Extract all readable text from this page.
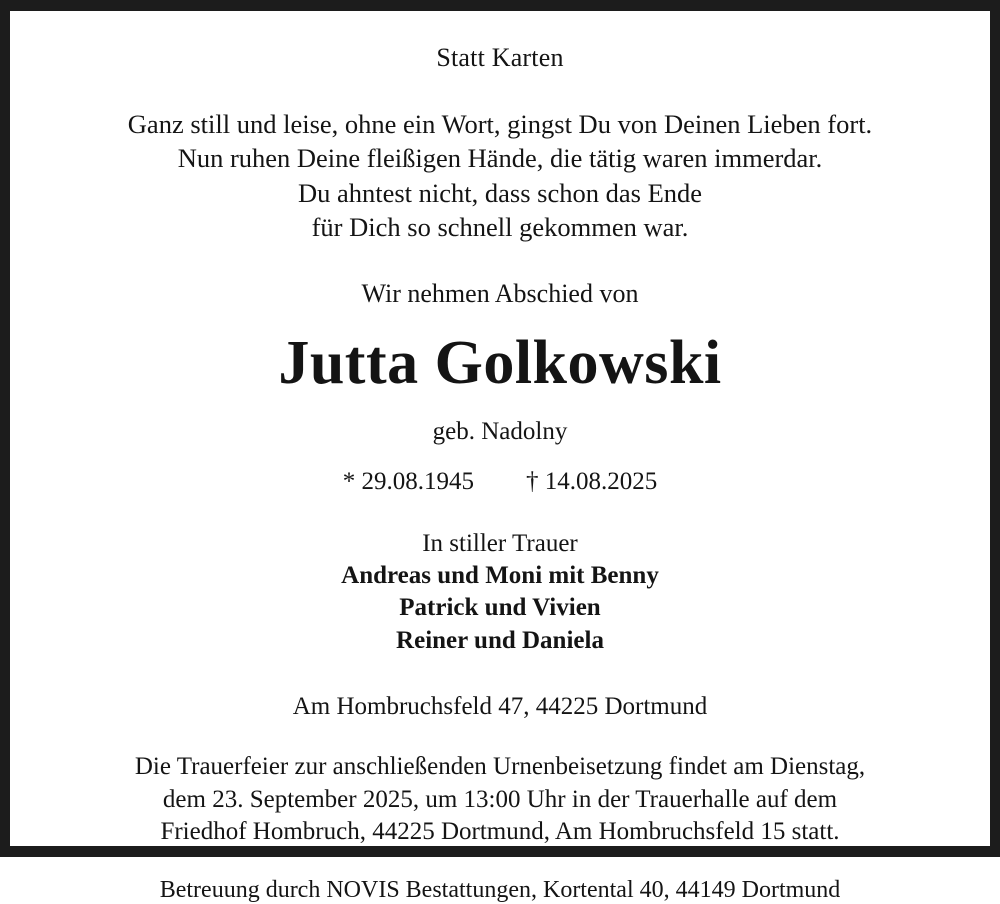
Statt Karten
Ganz still und leise, ohne ein Wort, gingst Du von Deinen Lieben fort.
Nun ruhen Deine fleißigen Hände, die tätig waren immerdar.
Du ahntest nicht, dass schon das Ende
für Dich so schnell gekommen war.
Wir nehmen Abschied von
Jutta Golkowski
geb. Nadolny
* 29.08.1945 † 14.08.2025
In stiller Trauer
Andreas und Moni mit Benny
Patrick und Vivien
Reiner und Daniela
Am Hombruchsfeld 47, 44225 Dortmund
Die Trauerfeier zur anschließenden Urnenbeisetzung findet am Dienstag,
dem 23. September 2025, um 13:00 Uhr in der Trauerhalle auf dem
Friedhof Hombruch, 44225 Dortmund, Am Hombruchsfeld 15 statt.
Betreuung durch NOVIS Bestattungen, Kortental 40, 44149 Dortmund
